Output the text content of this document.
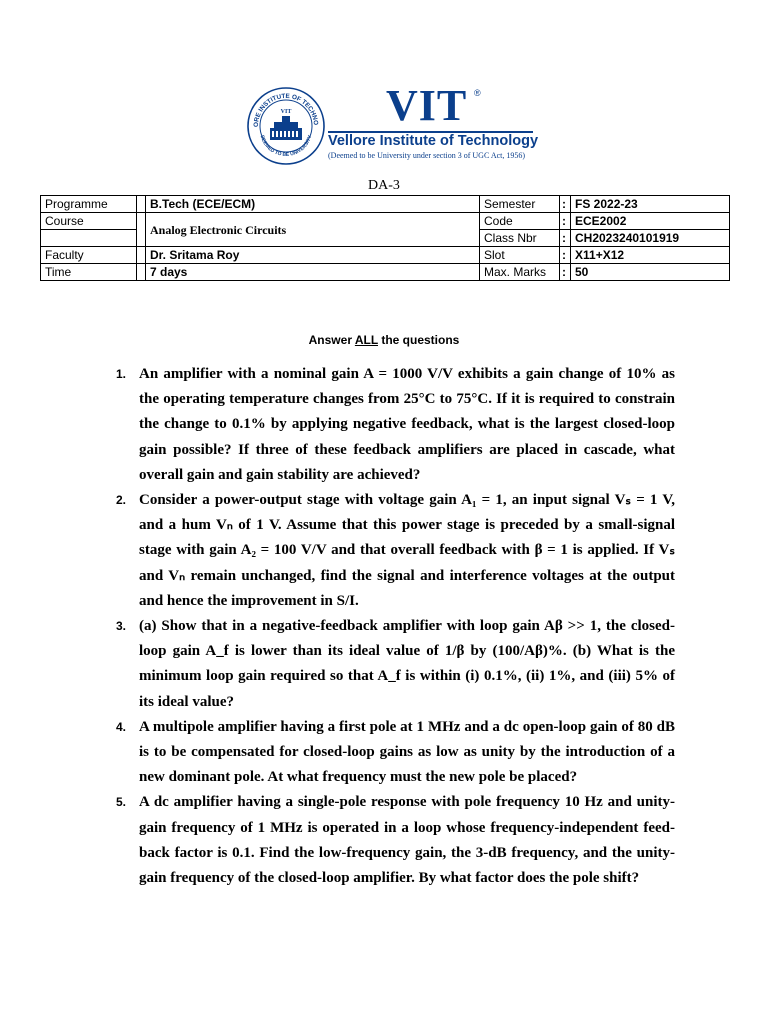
ORE INSTITUTE OF TECHNO
DEEMED TO BE UNIVERSITY
VIT VIT ®
Vellore Institute of Technology
(Deemed to be University under section 3 of UGC Act, 1956)
DA-3
Programme		B.Tech (ECE/ECM)	Semester	:	FS 2022-23
Course		Analog Electronic Circuits	Code	:	ECE2002
			Class Nbr	:	CH2023240101919
Faculty		Dr. Sritama Roy	Slot	:	X11+X12
Time		7 days	Max. Marks	:	50
Answer ALL the questions
1. An amplifier with a nominal gain A = 1000 V/V exhibits a gain change of 10% as the operating temperature changes from 25°C to 75°C. If it is required to constrain the change to 0.1% by applying negative feedback, what is the largest closed-loop gain possible? If three of these feedback amplifiers are placed in cascade, what overall gain and gain stability are achieved?
2. Consider a power-output stage with voltage gain A₁ = 1, an input signal Vₛ = 1 V, and a hum Vₙ of 1 V. Assume that this power stage is preceded by a small-signal stage with gain A₂ = 100 V/V and that overall feedback with β = 1 is applied. If Vₛ and Vₙ remain unchanged, find the signal and interference voltages at the output and hence the improvement in S/I.
3. (a) Show that in a negative-feedback amplifier with loop gain Aβ >> 1, the closed-loop gain A_f is lower than its ideal value of 1/β by (100/Aβ)%. (b) What is the minimum loop gain required so that A_f is within (i) 0.1%, (ii) 1%, and (iii) 5% of its ideal value?
4. A multipole amplifier having a first pole at 1 MHz and a dc open-loop gain of 80 dB is to be compensated for closed-loop gains as low as unity by the introduction of a new dominant pole. At what frequency must the new pole be placed?
5. A dc amplifier having a single-pole response with pole frequency 10 Hz and unity-gain frequency of 1 MHz is operated in a loop whose frequency-independent feed-back factor is 0.1. Find the low-frequency gain, the 3-dB frequency, and the unity-gain frequency of the closed-loop amplifier. By what factor does the pole shift?
